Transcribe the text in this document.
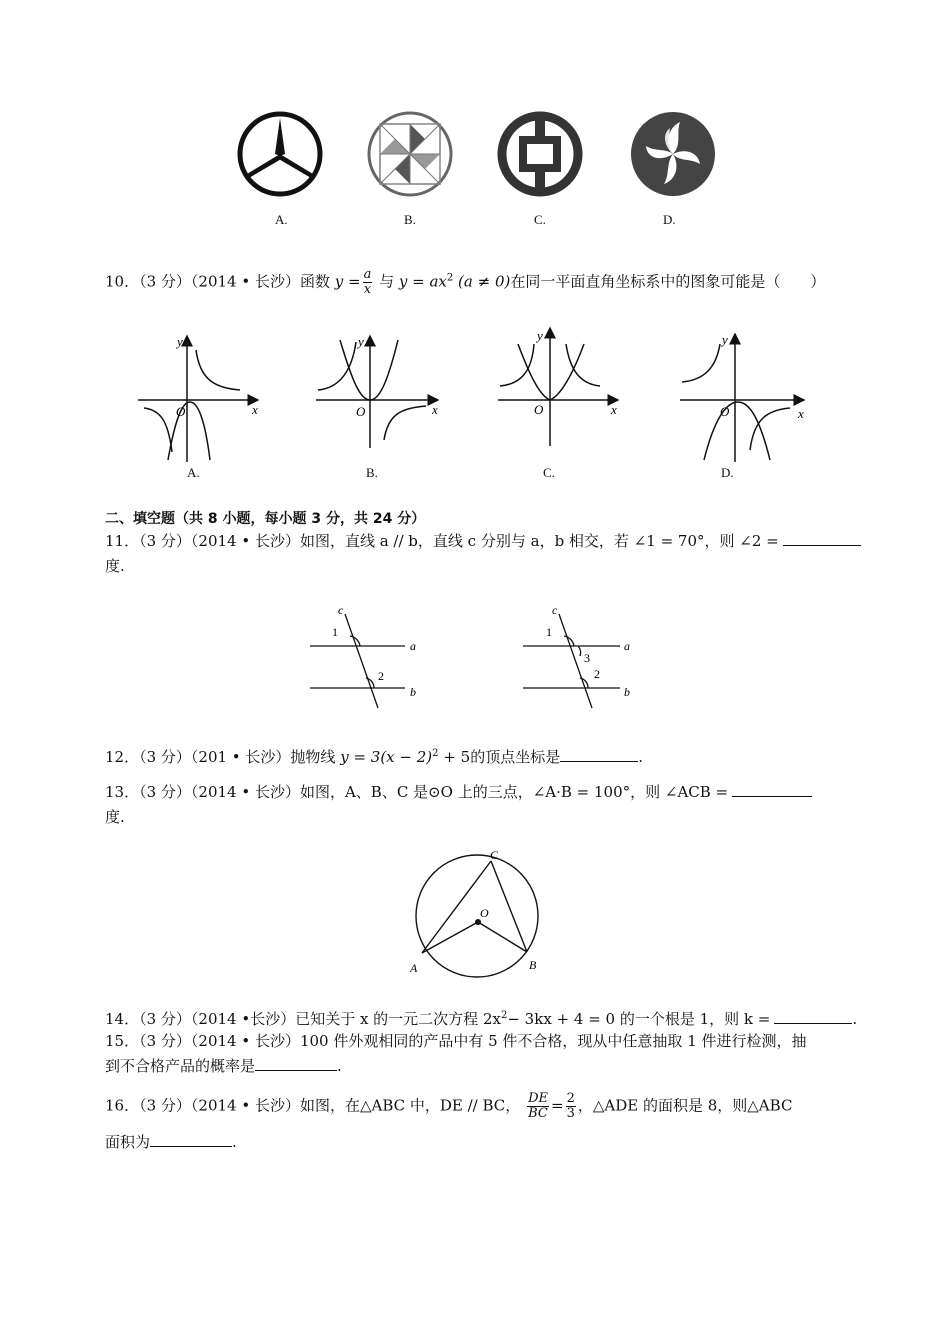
A.	B.	C.	D.
10．（3 分）（2014 • 长沙）函数 $y = \frac{a}{x}$ 与 $y = ax^2$ (a ≠ 0)在同一平面直角坐标系中的图象可能是（　　）
y
x
O
y
x
O
y
x
O
y
x
O
A.	B.	C.	D.
二、填空题（共 8 小题，每小题 3 分，共 24 分）
11．（3 分）（2014 • 长沙）如图，直线 a // b，直线 c 分别与 a，b 相交，若 ∠1 = 70°，则 ∠2 =
度.
c
1
a
2
b
c
1
a
3
2
b
12．（3 分）（201 • 长沙）抛物线 $y = 3(x - 2)^2 + 5$的顶点坐标是	.
13．（3 分）（2014 • 长沙）如图，A、B、C 是⊙O 上的三点，∠A·B = 100°，则 ∠ACB =
度.
C
O
A	B
14．（3 分）（2014 •长沙）已知关于 x 的一元二次方程 $2x^2- 3kx + 4 = 0$ 的一个根是 1，则 k =	.
15．（3 分）（2014 • 长沙）100 件外观相同的产品中有 5 件不合格，现从中任意抽取 1 件进行检测，抽
到不合格产品的概率是	.
16．（3 分）（2014 • 长沙）如图，在△ABC 中，DE // BC， $\frac{DE}{BC} = \frac{2}{3}$ ，△ADE 的面积是 8，则△ABC
面积为	.
